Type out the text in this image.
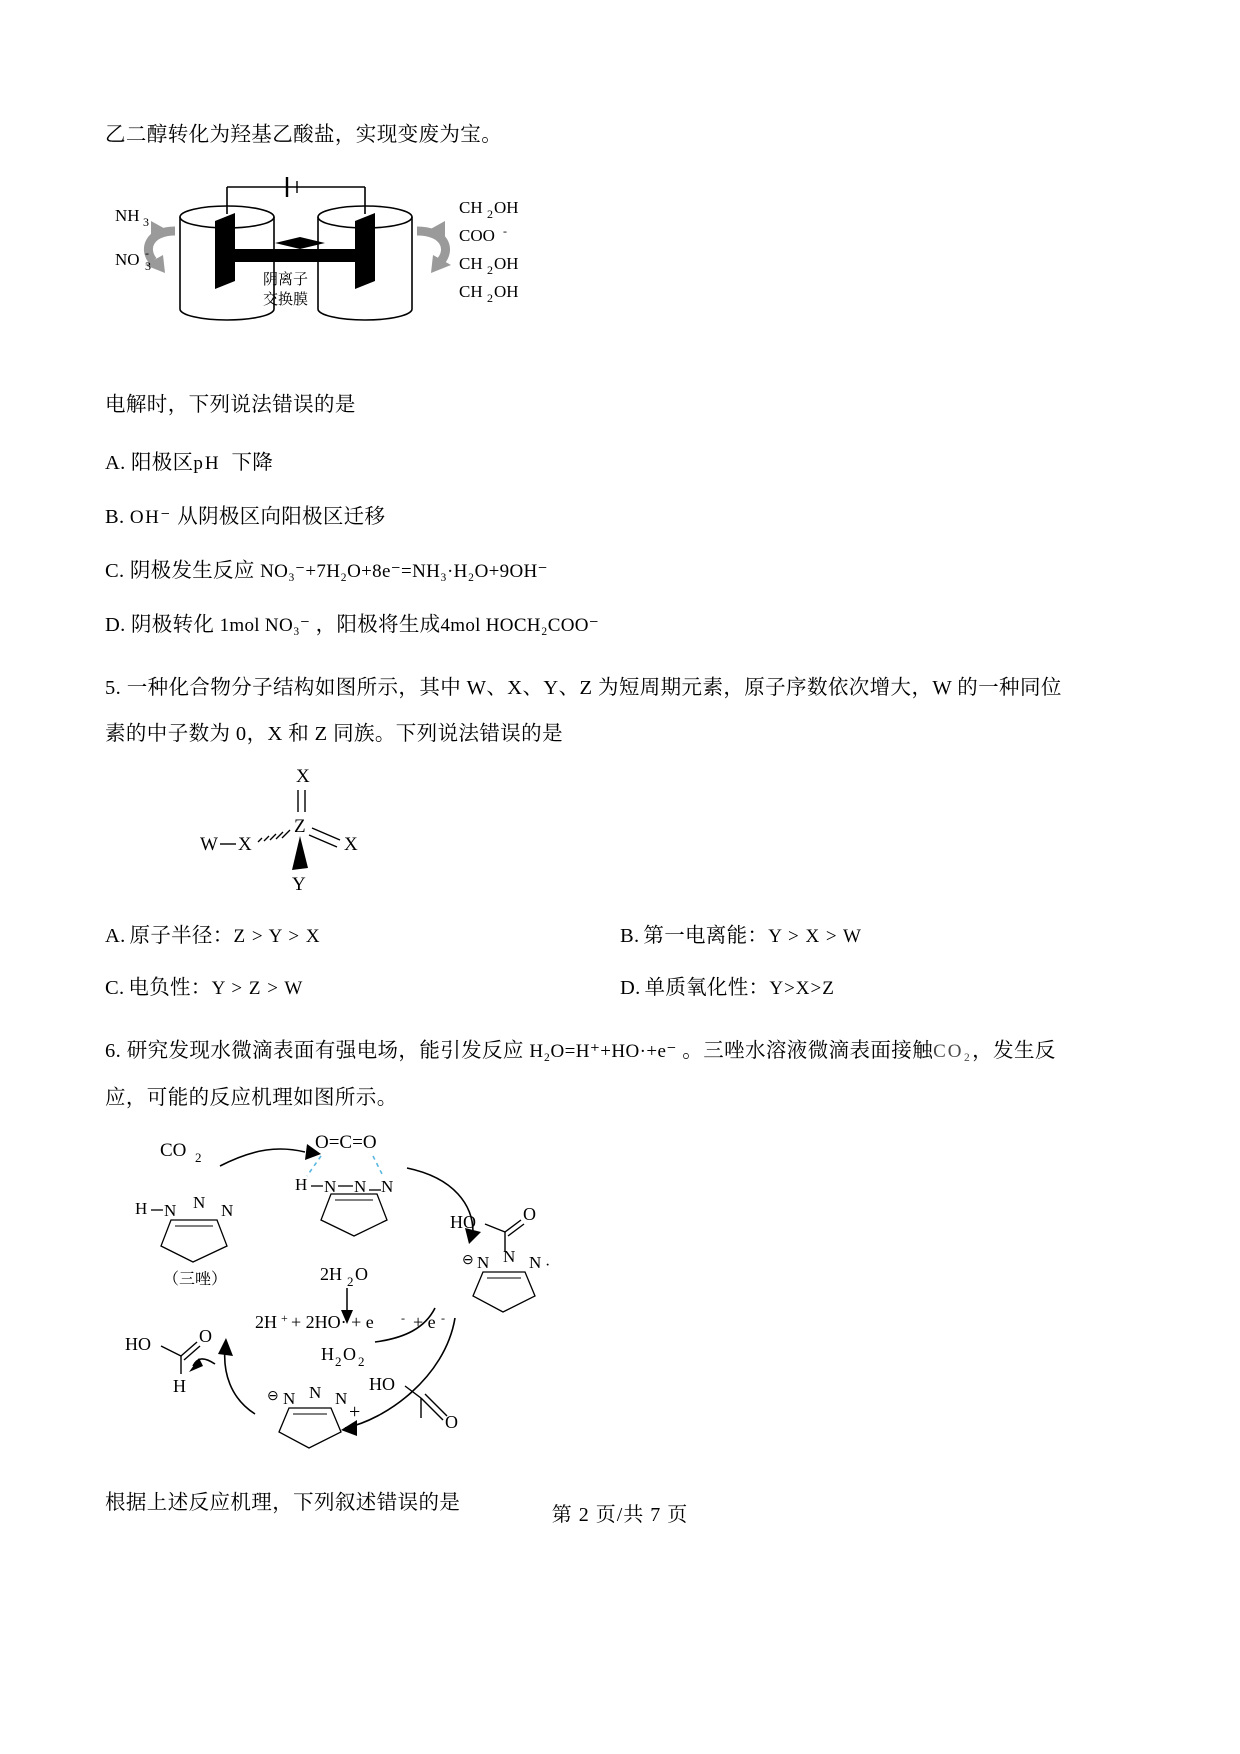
乙二醇转化为羟基乙酸盐，实现变废为宝。
NH 3
NO 3
-
CH 2 OH
COO -
CH 2 OH
CH 2 OH
阴离子
交换膜
电解时，下列说法错误的是
A. 阳极区pH 下降
B. OH⁻ 从阴极区向阳极区迁移
C. 阴极发生反应 NO₃⁻+7H₂O+8e⁻=NH₃·H₂O+9OH⁻
D. 阴极转化 1mol NO₃⁻ ，阳极将生成4mol HOCH₂COO⁻
5. 一种化合物分子结构如图所示，其中 W、X、Y、Z 为短周期元素，原子序数依次增大，W 的一种同位
素的中子数为 0，X 和 Z 同族。下列说法错误的是
X
Z
W X	X
Y
A. 原子半径：Z > Y > X	B. 第一电离能：Y > X > W
C. 电负性：Y > Z > W	D. 单质氧化性：Y>X>Z
6. 研究发现水微滴表面有强电场，能引发反应 H₂O=H⁺+HO·+e⁻ 。三唑水溶液微滴表面接触CO₂，发生反
应，可能的反应机理如图所示。
CO 2
O=C=O
H N N N
HO	O
⊖ N N N ·
2H 2 O
2H + + 2HO· + e - + e -
H 2 O 2
H N N N
（三唑）
HO	O
H
⊖ N N N
+
HO
O
根据上述反应机理，下列叙述错误的是
第 2 页/共 7 页
